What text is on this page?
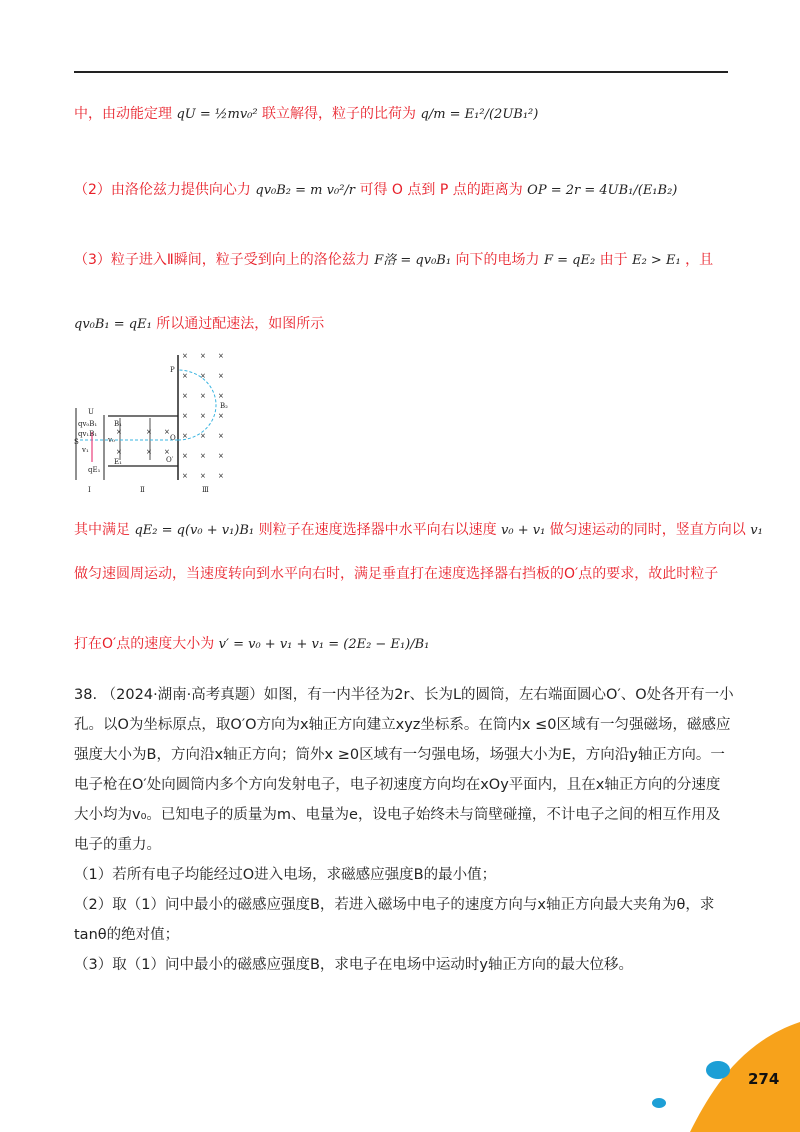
中，由动能定理 qU = ½mv₀² 联立解得，粒子的比荷为 q/m = E₁²/(2UB₁²)
（2）由洛伦兹力提供向心力 qv₀B₂ = m v₀²/r 可得 O 点到 P 点的距离为 OP = 2r = 4UB₁/(E₁B₂)
（3）粒子进入Ⅱ瞬间，粒子受到向上的洛伦兹力 F洛 = qv₀B₁ 向下的电场力 F = qE₂ 由于 E₂ > E₁ ，且
qv₀B₁ = qE₁ 所以通过配速法，如图所示
×	× ×
×	× ×
× × ×
× × ×
× × ×
× × ×
× × ×
× × ×
× × ×
U
S	O
O′
P
B₁
B₂
E₁
v₀
v₁
qv₀B₁
qv₁B₁
qE₁
Ⅰ	Ⅱ	Ⅲ
其中满足 qE₂ = q(v₀ + v₁)B₁ 则粒子在速度选择器中水平向右以速度 v₀ + v₁ 做匀速运动的同时，竖直方向以 v₁
做匀速圆周运动，当速度转向到水平向右时，满足垂直打在速度选择器右挡板的O′点的要求，故此时粒子
打在O′点的速度大小为 v′ = v₀ + v₁ + v₁ = (2E₂ − E₁)/B₁

38. （2024·湖南·高考真题）如图，有一内半径为2r、长为L的圆筒，左右端面圆心O′、O处各开有一小孔。以O为坐标原点，取O′O方向为x轴正方向建立xyz坐标系。在筒内x ≤0区域有一匀强磁场，磁感应强度大小为B，方向沿x轴正方向；筒外x ≥0区域有一匀强电场，场强大小为E，方向沿y轴正方向。一电子枪在O′处向圆筒内多个方向发射电子，电子初速度方向均在xOy平面内，且在x轴正方向的分速度大小均为v₀。已知电子的质量为m、电量为e，设电子始终未与筒壁碰撞，不计电子之间的相互作用及电子的重力。

（1）若所有电子均能经过O进入电场，求磁感应强度B的最小值；

（2）取（1）问中最小的磁感应强度B，若进入磁场中电子的速度方向与x轴正方向最大夹角为θ，求tanθ的绝对值；

（3）取（1）问中最小的磁感应强度B，求电子在电场中运动时y轴正方向的最大位移。

274
